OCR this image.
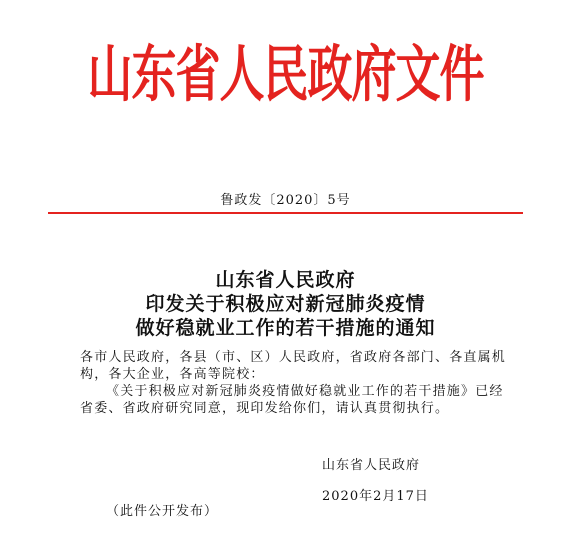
山东省人民政府文件
鲁政发〔2020〕5号
山东省人民政府
印发关于积极应对新冠肺炎疫情
做好稳就业工作的若干措施的通知

各市人民政府，各县（市、区）人民政府，省政府各部门、各直属机构，各大企业，各高等院校：

《关于积极应对新冠肺炎疫情做好稳就业工作的若干措施》已经省委、省政府研究同意，现印发给你们，请认真贯彻执行。

山东省人民政府
2020年2月17日
（此件公开发布）
